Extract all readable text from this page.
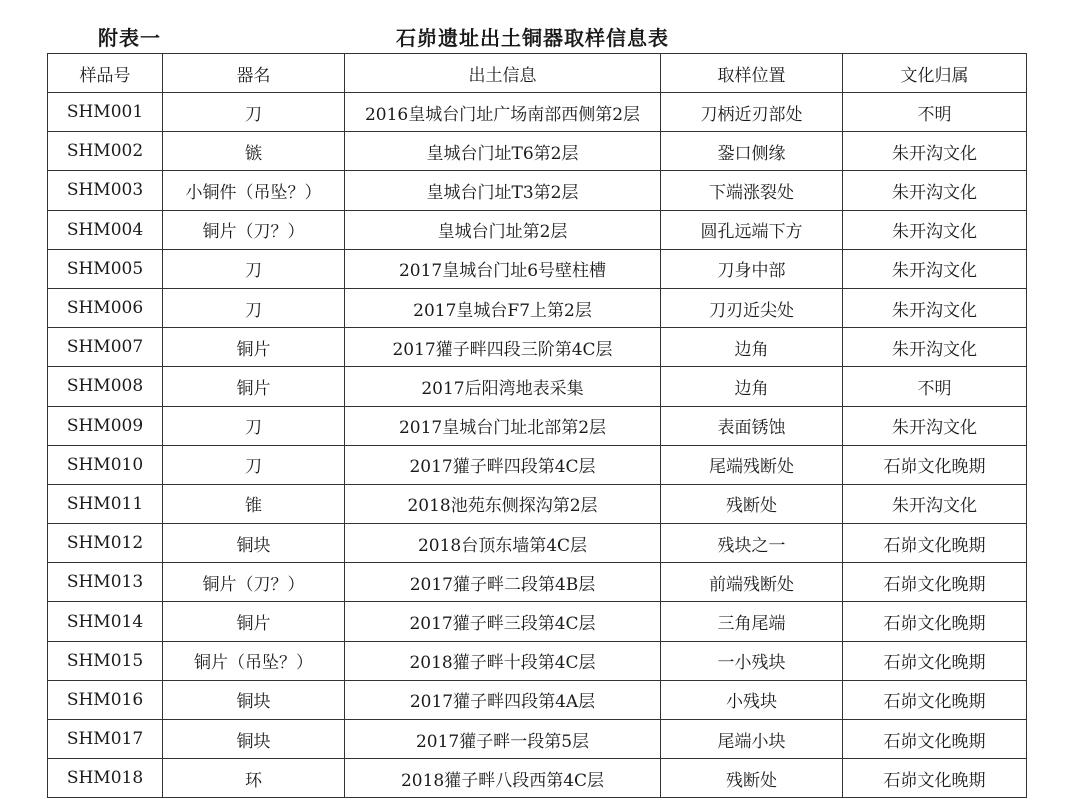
附表一	石峁遗址出土铜器取样信息表
样品号	器名	出土信息	取样位置	文化归属
SHM001	刀	2016皇城台门址广场南部西侧第2层	刀柄近刃部处	不明
SHM002	镞	皇城台门址T6第2层	銎口侧缘	朱开沟文化
SHM003	小铜件（吊坠？）	皇城台门址T3第2层	下端涨裂处	朱开沟文化
SHM004	铜片（刀？）	皇城台门址第2层	圆孔远端下方	朱开沟文化
SHM005	刀	2017皇城台门址6号壁柱槽	刀身中部	朱开沟文化
SHM006	刀	2017皇城台F7上第2层	刀刃近尖处	朱开沟文化
SHM007	铜片	2017獾子畔四段三阶第4C层	边角	朱开沟文化
SHM008	铜片	2017后阳湾地表采集	边角	不明
SHM009	刀	2017皇城台门址北部第2层	表面锈蚀	朱开沟文化
SHM010	刀	2017獾子畔四段第4C层	尾端残断处	石峁文化晚期
SHM011	锥	2018池苑东侧探沟第2层	残断处	朱开沟文化
SHM012	铜块	2018台顶东墙第4C层	残块之一	石峁文化晚期
SHM013	铜片（刀？）	2017獾子畔二段第4B层	前端残断处	石峁文化晚期
SHM014	铜片	2017獾子畔三段第4C层	三角尾端	石峁文化晚期
SHM015	铜片（吊坠？）	2018獾子畔十段第4C层	一小残块	石峁文化晚期
SHM016	铜块	2017獾子畔四段第4A层	小残块	石峁文化晚期
SHM017	铜块	2017獾子畔一段第5层	尾端小块	石峁文化晚期
SHM018	环	2018獾子畔八段西第4C层	残断处	石峁文化晚期
